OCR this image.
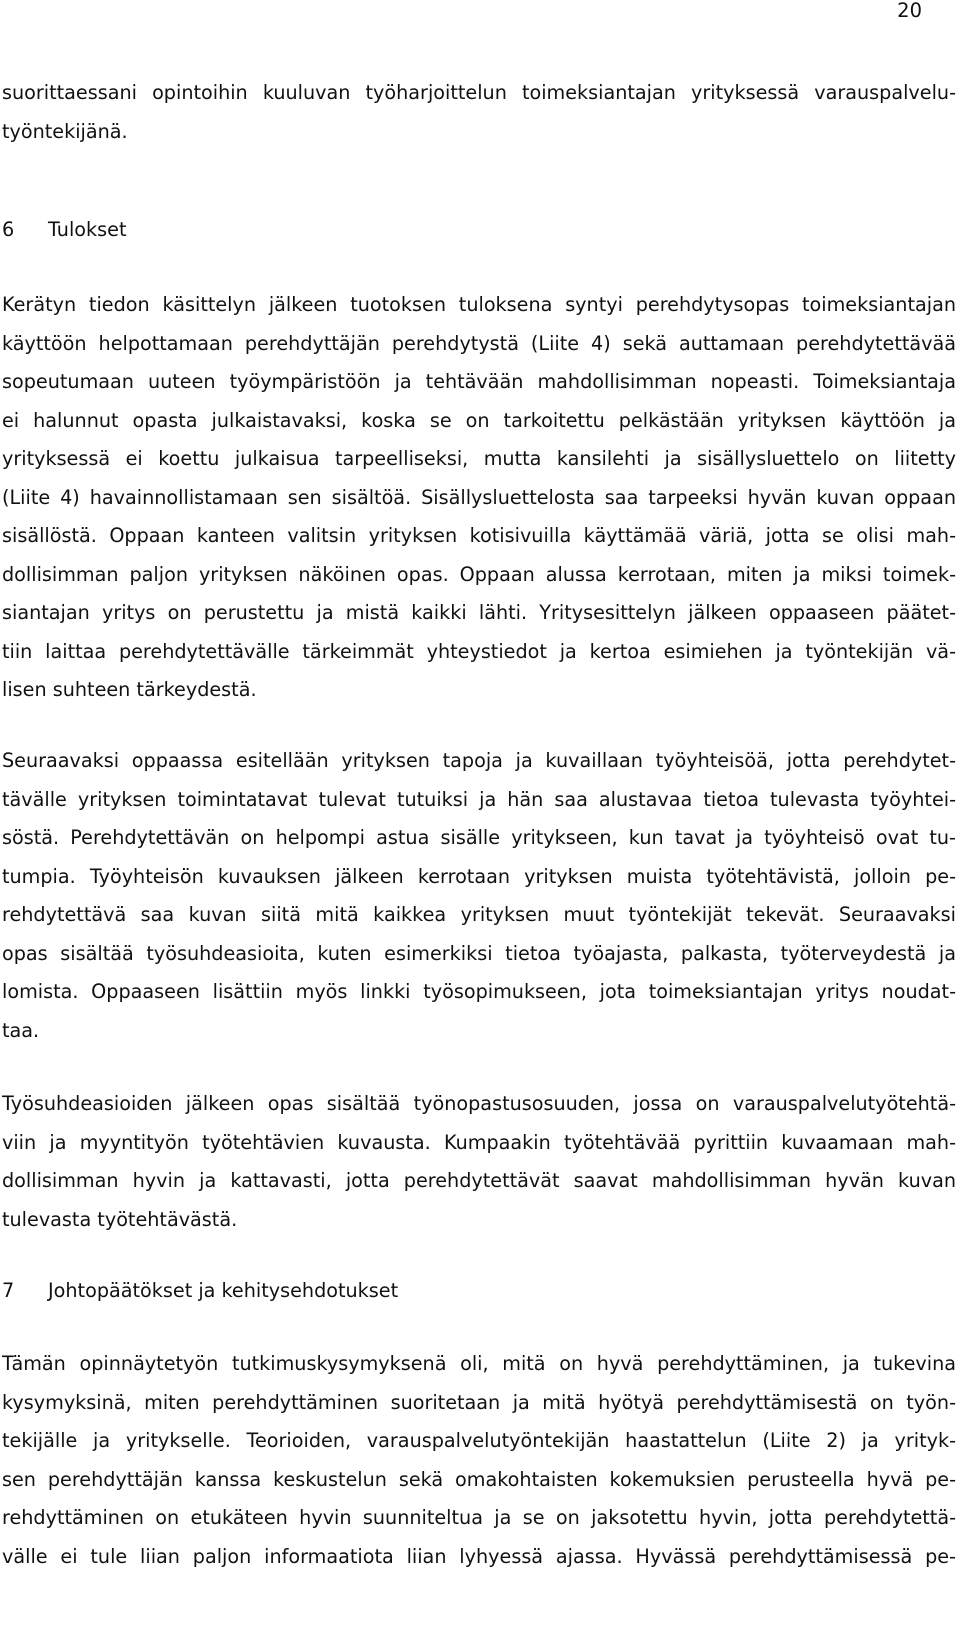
20
suorittaessani opintoihin kuuluvan työharjoittelun toimeksiantajan yrityksessä varauspalvelu-
työntekijänä.
6 Tulokset
Kerätyn tiedon käsittelyn jälkeen tuotoksen tuloksena syntyi perehdytysopas toimeksiantajan
käyttöön helpottamaan perehdyttäjän perehdytystä (Liite 4) sekä auttamaan perehdytettävää
sopeutumaan uuteen työympäristöön ja tehtävään mahdollisimman nopeasti. Toimeksiantaja
ei halunnut opasta julkaistavaksi, koska se on tarkoitettu pelkästään yrityksen käyttöön ja
yrityksessä ei koettu julkaisua tarpeelliseksi, mutta kansilehti ja sisällysluettelo on liitetty
(Liite 4) havainnollistamaan sen sisältöä. Sisällysluettelosta saa tarpeeksi hyvän kuvan oppaan
sisällöstä. Oppaan kanteen valitsin yrityksen kotisivuilla käyttämää väriä, jotta se olisi mah-
dollisimman paljon yrityksen näköinen opas. Oppaan alussa kerrotaan, miten ja miksi toimek-
siantajan yritys on perustettu ja mistä kaikki lähti. Yritysesittelyn jälkeen oppaaseen päätet-
tiin laittaa perehdytettävälle tärkeimmät yhteystiedot ja kertoa esimiehen ja työntekijän vä-
lisen suhteen tärkeydestä.
Seuraavaksi oppaassa esitellään yrityksen tapoja ja kuvaillaan työyhteisöä, jotta perehdytet-
tävälle yrityksen toimintatavat tulevat tutuiksi ja hän saa alustavaa tietoa tulevasta työyhtei-
söstä. Perehdytettävän on helpompi astua sisälle yritykseen, kun tavat ja työyhteisö ovat tu-
tumpia. Työyhteisön kuvauksen jälkeen kerrotaan yrityksen muista työtehtävistä, jolloin pe-
rehdytettävä saa kuvan siitä mitä kaikkea yrityksen muut työntekijät tekevät. Seuraavaksi
opas sisältää työsuhdeasioita, kuten esimerkiksi tietoa työajasta, palkasta, työterveydestä ja
lomista. Oppaaseen lisättiin myös linkki työsopimukseen, jota toimeksiantajan yritys noudat-
taa.
Työsuhdeasioiden jälkeen opas sisältää työnopastusosuuden, jossa on varauspalvelutyötehtä-
viin ja myyntityön työtehtävien kuvausta. Kumpaakin työtehtävää pyrittiin kuvaamaan mah-
dollisimman hyvin ja kattavasti, jotta perehdytettävät saavat mahdollisimman hyvän kuvan
tulevasta työtehtävästä.
7 Johtopäätökset ja kehitysehdotukset
Tämän opinnäytetyön tutkimuskysymyksenä oli, mitä on hyvä perehdyttäminen, ja tukevina
kysymyksinä, miten perehdyttäminen suoritetaan ja mitä hyötyä perehdyttämisestä on työn-
tekijälle ja yritykselle. Teorioiden, varauspalvelutyöntekijän haastattelun (Liite 2) ja yrityk-
sen perehdyttäjän kanssa keskustelun sekä omakohtaisten kokemuksien perusteella hyvä pe-
rehdyttäminen on etukäteen hyvin suunniteltua ja se on jaksotettu hyvin, jotta perehdytettä-
välle ei tule liian paljon informaatiota liian lyhyessä ajassa. Hyvässä perehdyttämisessä pe-
